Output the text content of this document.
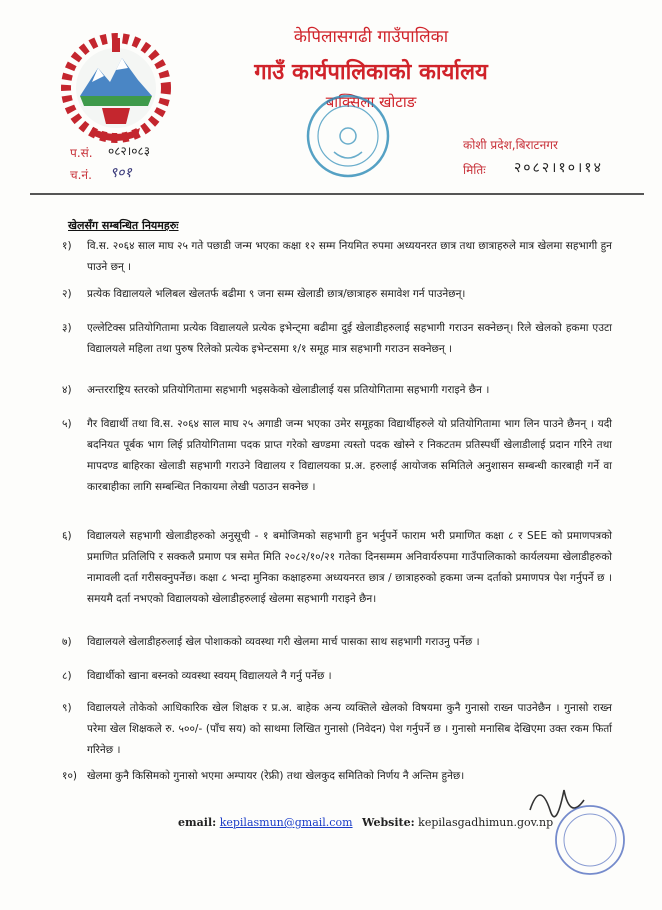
केपिलासगढी गाउँपालिका
गाउँ कार्यपालिकाको कार्यालय
बाक्सिला खोटाङ
प.सं. ०८२।०८३
च.नं. ९०१
कोशी प्रदेश,बिराटनगर
मितिः २०८२।१०।१४
खेलसँग सम्बन्धित नियमहरुः
१)	वि.स. २०६४ साल माघ २५ गते पछाडी जन्म भएका कक्षा १२ सम्म नियमित रुपमा अध्ययनरत छात्र तथा छात्राहरुले मात्र खेलमा सहभागी हुन पाउने छन् ।
२)	प्रत्येक विद्यालयले भलिबल खेलतर्फ बढीमा ९ जना सम्म खेलाडी छात्र/छात्राहरु समावेश गर्न पाउनेछन्।
३)	एल्लेटिक्स प्रतियोगितामा प्रत्येक विद्यालयले प्रत्येक इभेन्ट्मा बढीमा दुई खेलाडीहरुलाई सहभागी गराउन सक्नेछन्। रिले खेलको हकमा एउटा विद्यालयले महिला तथा पुरुष रिलेको प्रत्येक इभेन्टसमा १/१ समूह मात्र सहभागी गराउन सक्नेछन् ।
४)	अन्तरराष्ट्रिय स्तरको प्रतियोगितामा सहभागी भइसकेको खेलाडीलाई यस प्रतियोगितामा सहभागी गराइने छैन ।
५)	गैर विद्यार्थी तथा वि.स. २०६४ साल माघ २५ अगाडी जन्म भएका उमेर समूहका विद्यार्थीहरुले यो प्रतियोगितामा भाग लिन पाउने छैनन् । यदी बदनियत पूर्बक भाग लिई प्रतियोगितामा पदक प्राप्त गरेको खण्डमा त्यस्तो पदक खोस्ने र निकटतम प्रतिस्पर्धी खेलाडीलाई प्रदान गरिने तथा मापदण्ड बाहिरका खेलाडी सहभागी गराउने विद्यालय र विद्यालयका प्र.अ. हरुलाई आयोजक समितिले अनुशासन सम्बन्धी कारबाही गर्ने वा कारबाहीका लागि सम्बन्धित निकायमा लेखी पठाउन सक्नेछ ।
६)	विद्यालयले सहभागी खेलाडीहरुको अनुसूची - १ बमोजिमको सहभागी हुन भर्नुपर्ने फाराम भरी प्रमाणित कक्षा ८ र SEE को प्रमाणपत्रको प्रमाणित प्रतिलिपि र सक्कलै प्रमाण पत्र समेत मिति २०८२/१०/२१ गतेका दिनसम्मम अनिवार्यरुपमा गाउँपालिकाको कार्यलयमा खेलाडीहरुको नामावली दर्ता गरीसक्नुपर्नेछ। कक्षा ८ भन्दा मुनिका कक्षाहरुमा अध्ययनरत छात्र / छात्राहरुको हकमा जन्म दर्ताको प्रमाणपत्र पेश गर्नुपर्ने छ ।समयमै दर्ता नभएको विद्यालयको खेलाडीहरुलाई खेलमा सहभागी गराइने छैन।
७)	विद्यालयले खेलाडीहरुलाई खेल पोशाकको व्यवस्था गरी खेलमा मार्च पासका साथ सहभागी गराउनु पर्नेछ ।
८)	विद्यार्थीको खाना बस्नको व्यवस्था स्वयम् विद्यालयले नै गर्नु पर्नेछ ।
९)	विद्यालयले तोकेको आधिकारिक खेल शिक्षक र प्र.अ. बाहेक अन्य व्यक्तिले खेलको विषयमा कुनै गुनासो राख्न पाउनेछैन । गुनासो राख्न परेमा खेल शिक्षकले रु. ५००/- (पाँच सय) को साथमा लिखित गुनासो (निवेदन) पेश गर्नुपर्ने छ । गुनासो मनासिब देखिएमा उक्त रकम फिर्ता गरिनेछ ।
१०) खेलमा कुनै किसिमको गुनासो भएमा अम्पायर (रेफ्री) तथा खेलकुद समितिको निर्णय नै अन्तिम हुनेछ।
email: kepilasmun@gmail.com Website: kepilasgadhimun.gov.np
